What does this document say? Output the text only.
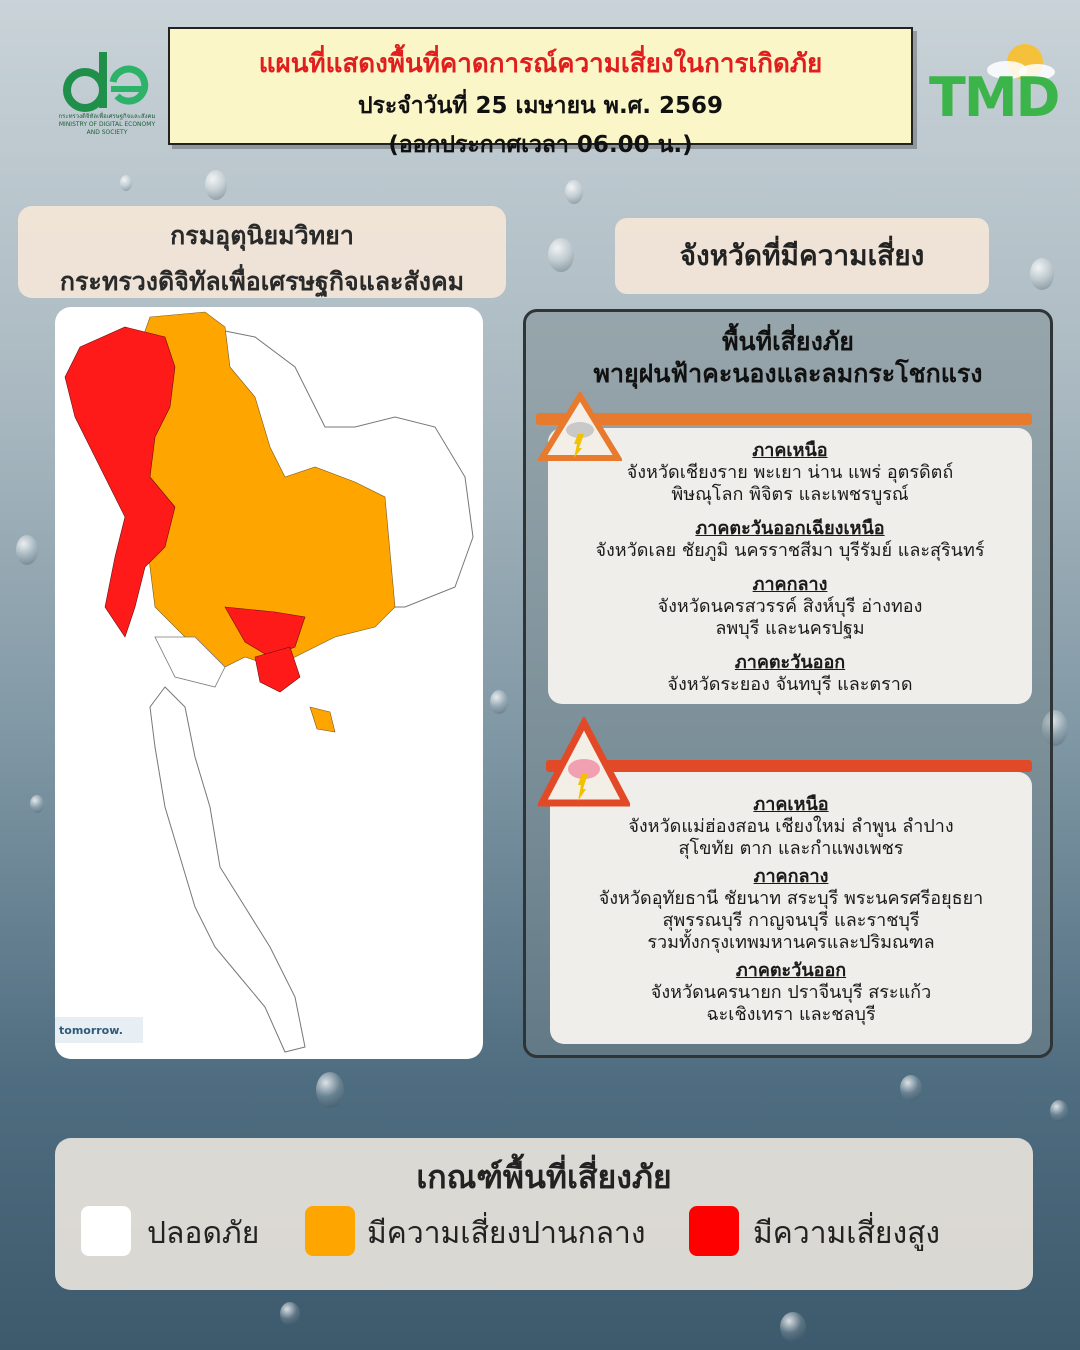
กระทรวงดิจิทัลเพื่อเศรษฐกิจและสังคม MINISTRY OF DIGITAL ECONOMY AND SOCIETY
แผนที่แสดงพื้นที่คาดการณ์ความเสี่ยงในการเกิดภัย
ประจำวันที่ 25 เมษายน พ.ศ. 2569
(ออกประกาศเวลา 06.00 น.)
TMD
กรมอุตุนิยมวิทยา
กระทรวงดิจิทัลเพื่อเศรษฐกิจและสังคม
tomorrow.
จังหวัดที่มีความเสี่ยง
พื้นที่เสี่ยงภัย
พายุฝนฟ้าคะนองและลมกระโชกแรง
ภาคเหนือ
จังหวัดเชียงราย พะเยา น่าน แพร่ อุตรดิตถ์
พิษณุโลก พิจิตร และเพชรบูรณ์
ภาคตะวันออกเฉียงเหนือ
จังหวัดเลย ชัยภูมิ นครราชสีมา บุรีรัมย์ และสุรินทร์
ภาคกลาง
จังหวัดนครสวรรค์ สิงห์บุรี อ่างทอง
ลพบุรี และนครปฐม
ภาคตะวันออก
จังหวัดระยอง จันทบุรี และตราด
ภาคเหนือ
จังหวัดแม่ฮ่องสอน เชียงใหม่ ลำพูน ลำปาง
สุโขทัย ตาก และกำแพงเพชร
ภาคกลาง
จังหวัดอุทัยธานี ชัยนาท สระบุรี พระนครศรีอยุธยา
สุพรรณบุรี กาญจนบุรี และราชบุรี
รวมทั้งกรุงเทพมหานครและปริมณฑล
ภาคตะวันออก
จังหวัดนครนายก ปราจีนบุรี สระแก้ว
ฉะเชิงเทรา และชลบุรี
เกณฑ์พื้นที่เสี่ยงภัย
ปลอดภัย	มีความเสี่ยงปานกลาง	มีความเสี่ยงสูง
